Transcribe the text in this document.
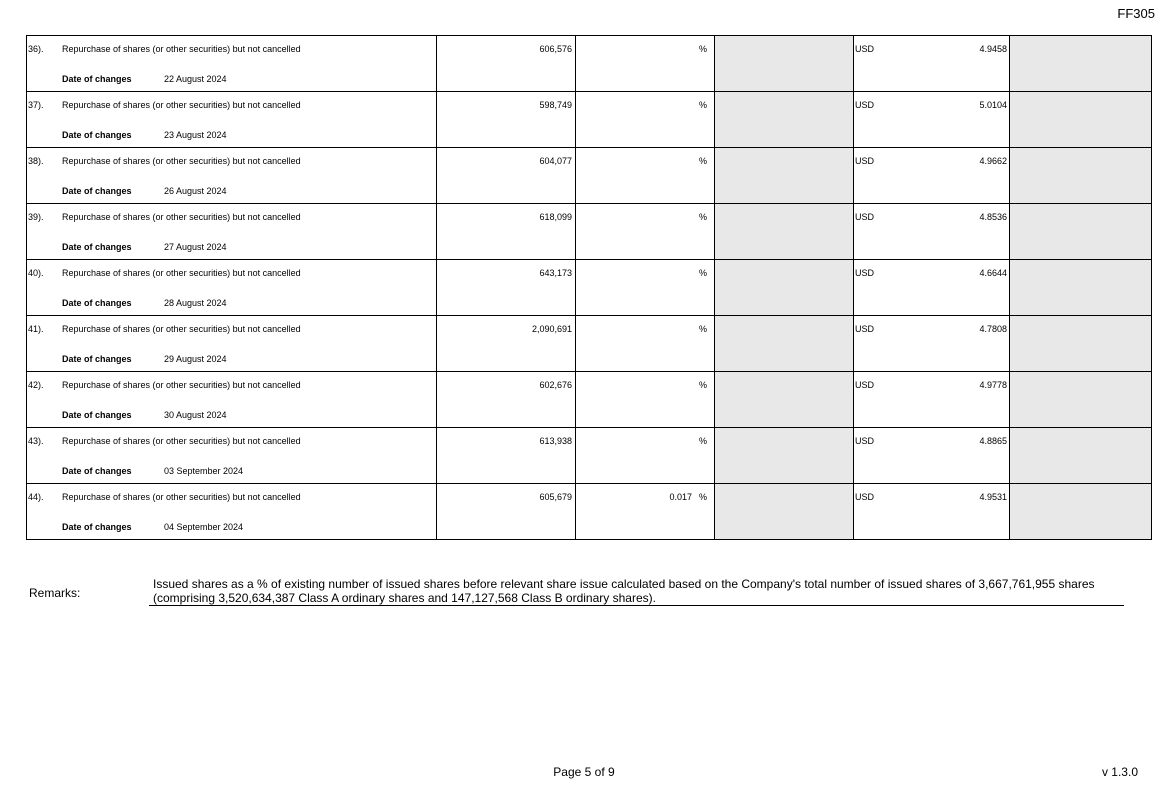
FF305
36). Repurchase of shares (or other securities) but not cancelled
Date of changes 22 August 2024	606,576	%		USD 4.9458	

37). Repurchase of shares (or other securities) but not cancelled
Date of changes 23 August 2024	598,749	%		USD 5.0104	

38). Repurchase of shares (or other securities) but not cancelled
Date of changes 26 August 2024	604,077	%		USD 4.9662	

39). Repurchase of shares (or other securities) but not cancelled
Date of changes 27 August 2024	618,099	%		USD 4.8536	

40). Repurchase of shares (or other securities) but not cancelled
Date of changes 28 August 2024	643,173	%		USD 4.6644	

41). Repurchase of shares (or other securities) but not cancelled
Date of changes 29 August 2024	2,090,691	%		USD 4.7808	

42). Repurchase of shares (or other securities) but not cancelled
Date of changes 30 August 2024	602,676	%		USD 4.9778	

43). Repurchase of shares (or other securities) but not cancelled
Date of changes 03 September 2024	613,938	%		USD 4.8865	

44). Repurchase of shares (or other securities) but not cancelled
Date of changes 04 September 2024	605,679	0.017 %		USD 4.9531	

Remarks:
Issued shares as a % of existing number of issued shares before relevant share issue calculated based on the Company's total number of issued shares of 3,667,761,955 shares (comprising 3,520,634,387 Class A ordinary shares and 147,127,568 Class B ordinary shares).
Page 5 of 9	v 1.3.0
